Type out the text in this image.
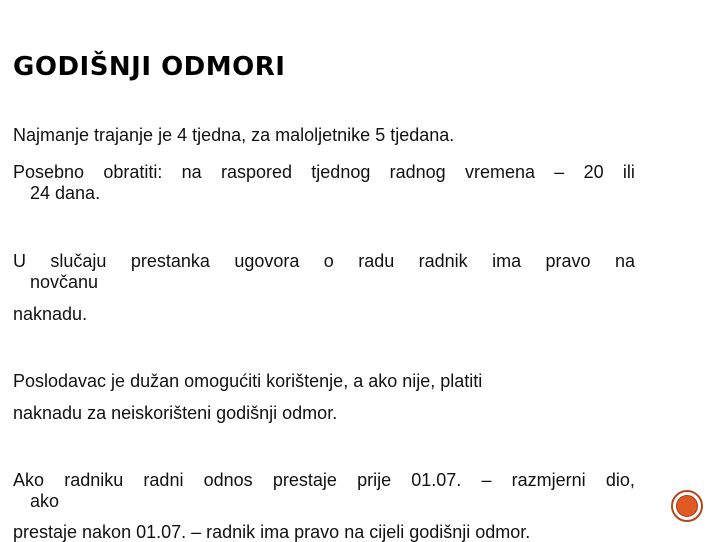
GODIŠNJI ODMORI
Najmanje trajanje je 4 tjedna, za maloljetnike 5 tjedana.
Posebno obratiti: na raspored tjednog radnog vremena – 20 ili
24 dana.
U slučaju prestanka ugovora o radu radnik ima pravo na
novčanu
naknadu.
Poslodavac je dužan omogućiti korištenje, a ako nije, platiti
naknadu za neiskorišteni godišnji odmor.
Ako radniku radni odnos prestaje prije 01.07. – razmjerni dio,
ako
prestaje nakon 01.07. – radnik ima pravo na cijeli godišnji odmor.
